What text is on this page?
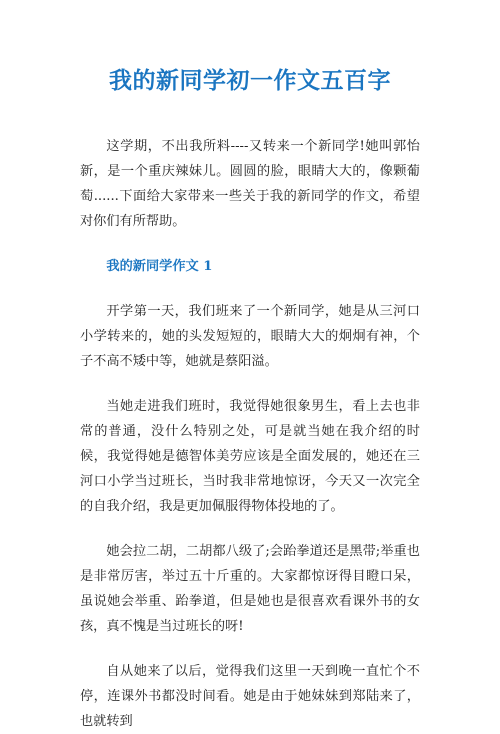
我的新同学初一作文五百字

这学期，不出我所料----又转来一个新同学!她叫郭怡新，是一个重庆辣妹儿。圆圆的脸，眼睛大大的，像颗葡萄......下面给大家带来一些关于我的新同学的作文，希望对你们有所帮助。

我的新同学作文 1

开学第一天，我们班来了一个新同学，她是从三河口小学转来的，她的头发短短的，眼睛大大的炯炯有神，个子不高不矮中等，她就是蔡阳溢。

当她走进我们班时，我觉得她很象男生，看上去也非常的普通，没什么特别之处，可是就当她在我介绍的时候，我觉得她是德智体美劳应该是全面发展的，她还在三河口小学当过班长，当时我非常地惊讶，今天又一次完全的自我介绍，我是更加佩服得物体投地的了。

她会拉二胡，二胡都八级了;会跆拳道还是黑带;举重也是非常厉害，举过五十斤重的。大家都惊讶得目瞪口呆，虽说她会举重、跆拳道，但是她也是很喜欢看课外书的女孩，真不愧是当过班长的呀!

自从她来了以后，觉得我们这里一天到晚一直忙个不停，连课外书都没时间看。她是由于她妹妹到郑陆来了，也就转到
